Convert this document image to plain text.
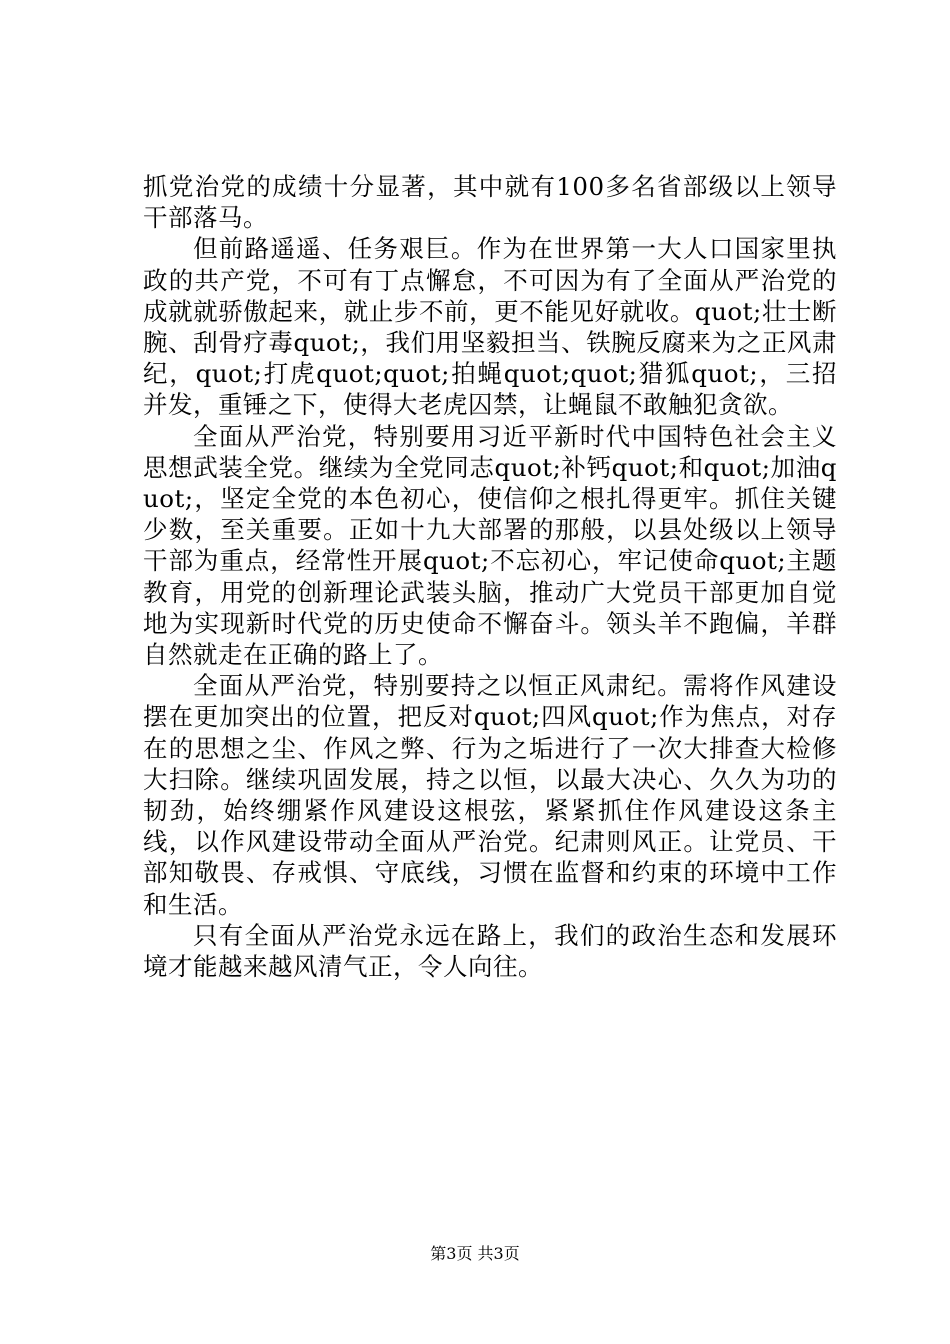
抓党治党的成绩十分显著，其中就有100多名省部级以上领导干部落马。

但前路遥遥、任务艰巨。作为在世界第一大人口国家里执政的共产党，不可有丁点懈怠，不可因为有了全面从严治党的成就就骄傲起来，就止步不前，更不能见好就收。quot;壮士断腕、刮骨疗毒quot;，我们用坚毅担当、铁腕反腐来为之正风肃纪，quot;打虎quot;quot;拍蝇quot;quot;猎狐quot;，三招并发，重锤之下，使得大老虎囚禁，让蝇鼠不敢触犯贪欲。

全面从严治党，特别要用习近平新时代中国特色社会主义思想武装全党。继续为全党同志quot;补钙quot;和quot;加油quot;，坚定全党的本色初心，使信仰之根扎得更牢。抓住关键少数，至关重要。正如十九大部署的那般，以县处级以上领导干部为重点，经常性开展quot;不忘初心，牢记使命quot;主题教育，用党的创新理论武装头脑，推动广大党员干部更加自觉地为实现新时代党的历史使命不懈奋斗。领头羊不跑偏，羊群自然就走在正确的路上了。

全面从严治党，特别要持之以恒正风肃纪。需将作风建设摆在更加突出的位置，把反对quot;四风quot;作为焦点，对存在的思想之尘、作风之弊、行为之垢进行了一次大排查大检修大扫除。继续巩固发展，持之以恒，以最大决心、久久为功的韧劲，始终绷紧作风建设这根弦，紧紧抓住作风建设这条主线，以作风建设带动全面从严治党。纪肃则风正。让党员、干部知敬畏、存戒惧、守底线，习惯在监督和约束的环境中工作和生活。

只有全面从严治党永远在路上，我们的政治生态和发展环境才能越来越风清气正，令人向往。

第3页 共3页
